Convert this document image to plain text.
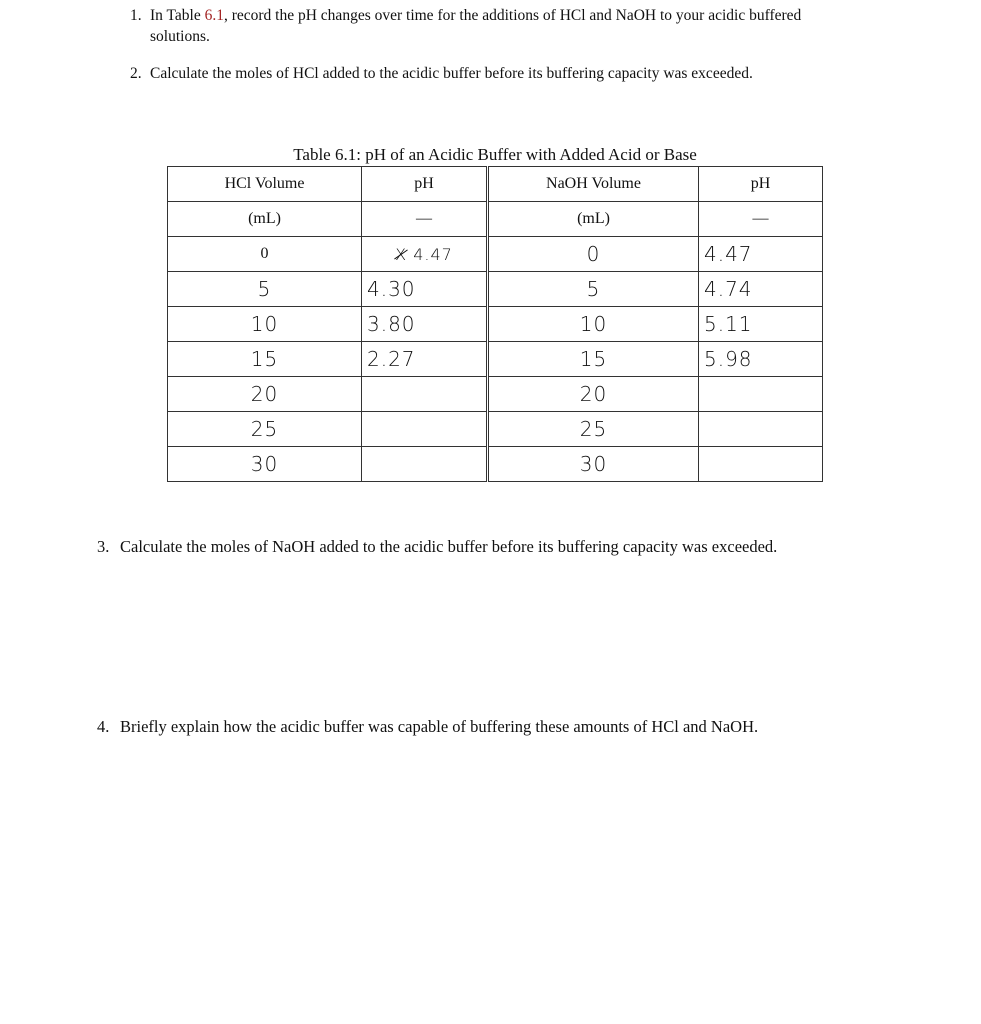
1. In Table 6.1, record the pH changes over time for the additions of HCl and NaOH to your acidic buffered solutions.
2. Calculate the moles of HCl added to the acidic buffer before its buffering capacity was exceeded.
Table 6.1: pH of an Acidic Buffer with Added Acid or Base
HCl Volume	pH	NaOH Volume	pH
(mL)	—	(mL)	—
0	X 4.47	0	4.47
5	4.30	5	4.74
10	3.80	10	5.11
15	2.27	15	5.98
20		20	
25		25	
30		30	
3. Calculate the moles of NaOH added to the acidic buffer before its buffering capacity was exceeded.
4. Briefly explain how the acidic buffer was capable of buffering these amounts of HCl and NaOH.
